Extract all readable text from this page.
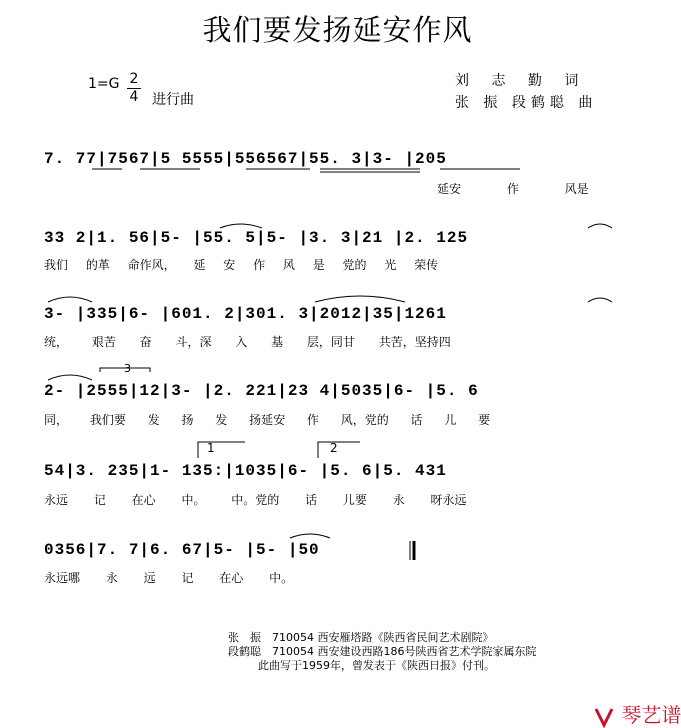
我们要发扬延安作风
1=G 2
4 进行曲
刘 志 勤 词
张 振 段鹤聪 曲
7. 77|7567|5 5555|556567|55. 3|3- |205
延安 作 风是
33 2|1. 56|5- |55. 5|5- |3. 3|21 |2. 125
我们 的革 命作风， 延 安 作 风 是 党的 光 荣传
3- |335|6- |601. 2|301. 3|2012|35|1261
统， 艰苦 奋 斗，深 入 基 层，同甘 共苦，坚持四
2- |2555|12|3- |2. 221|23 4|5035|6- |5. 6
同， 我们要 发 扬 发 扬延安 作 风，党的 话 儿 要
54|3. 235|1- 135:|1035|6- |5. 6|5. 431
永远 记 在心 中。 中。党的 话 儿要 永 呀永远
0356|7. 7|6. 67|5- |5- |50
永远哪 永 远 记 在心 中。
1	2
3
张　振　710054 西安雁塔路《陕西省民间艺术剧院》
段鹤聪　710054 西安建设西路186号陕西省艺术学院家属东院
此曲写于1959年，曾发表于《陕西日报》付刊。
琴艺谱
